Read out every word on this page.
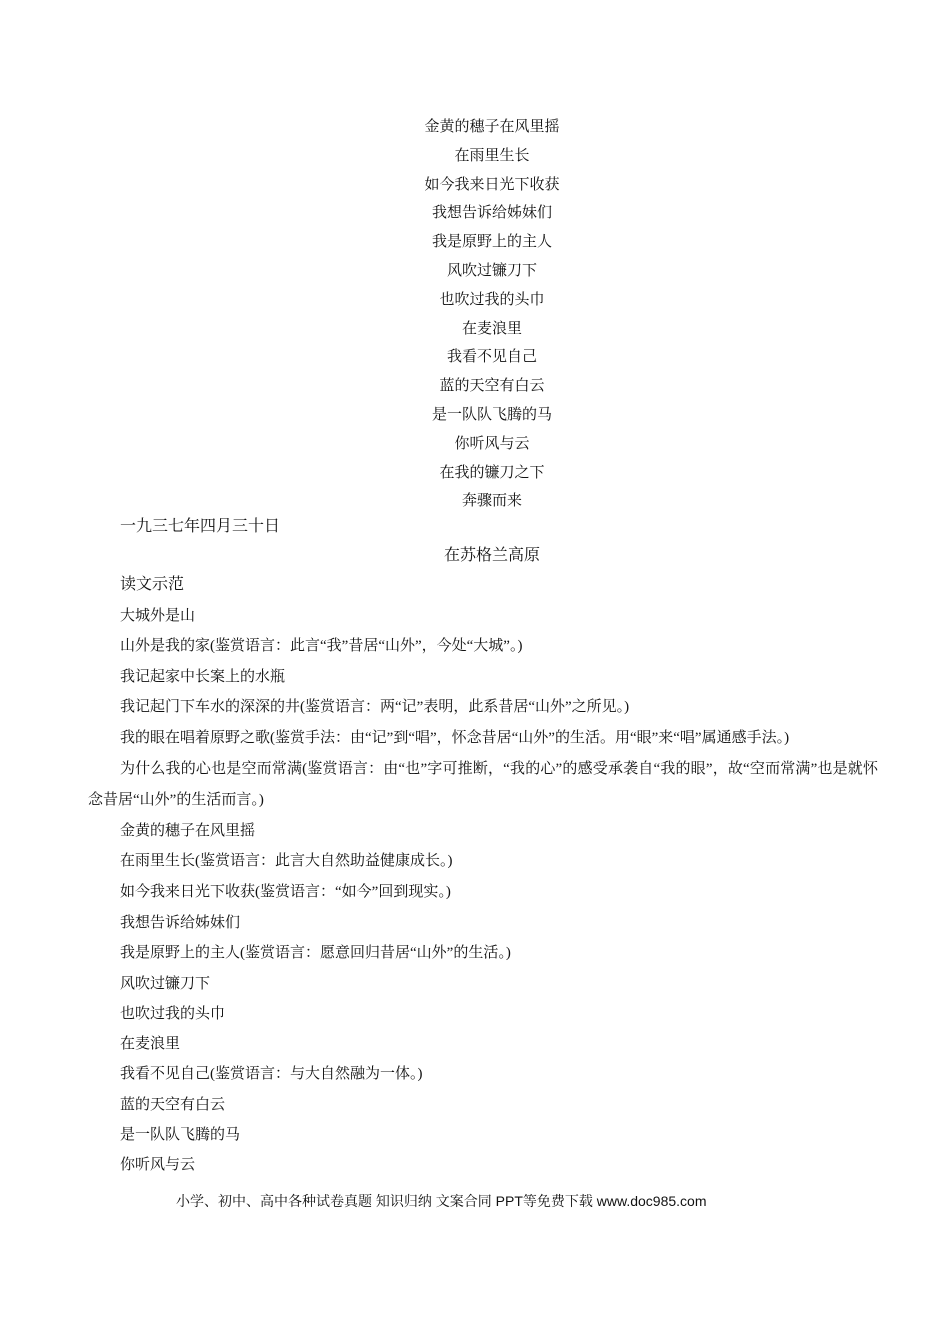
金黄的穗子在风里摇
在雨里生长
如今我来日光下收获
我想告诉给姊妹们
我是原野上的主人
风吹过镰刀下
也吹过我的头巾
在麦浪里
我看不见自己
蓝的天空有白云
是一队队飞腾的马
你听风与云
在我的镰刀之下
奔骤而来
一九三七年四月三十日
在苏格兰高原
读文示范
大城外是山
山外是我的家(鉴赏语言：此言“我”昔居“山外”，今处“大城”。)
我记起家中长案上的水瓶
我记起门下车水的深深的井(鉴赏语言：两“记”表明，此系昔居“山外”之所见。)
我的眼在唱着原野之歌(鉴赏手法：由“记”到“唱”，怀念昔居“山外”的生活。用“眼”来“唱”属通感手法。)
为什么我的心也是空而常满(鉴赏语言：由“也”字可推断，“我的心”的感受承袭自“我的眼”，故“空而常满”也是就怀念昔居“山外”的生活而言。)
金黄的穗子在风里摇
在雨里生长(鉴赏语言：此言大自然助益健康成长。)
如今我来日光下收获(鉴赏语言：“如今”回到现实。)
我想告诉给姊妹们
我是原野上的主人(鉴赏语言：愿意回归昔居“山外”的生活。)
风吹过镰刀下
也吹过我的头巾
在麦浪里
我看不见自己(鉴赏语言：与大自然融为一体。)
蓝的天空有白云
是一队队飞腾的马
你听风与云
小学、初中、高中各种试卷真题 知识归纳 文案合同 PPT等免费下载 www.doc985.com
